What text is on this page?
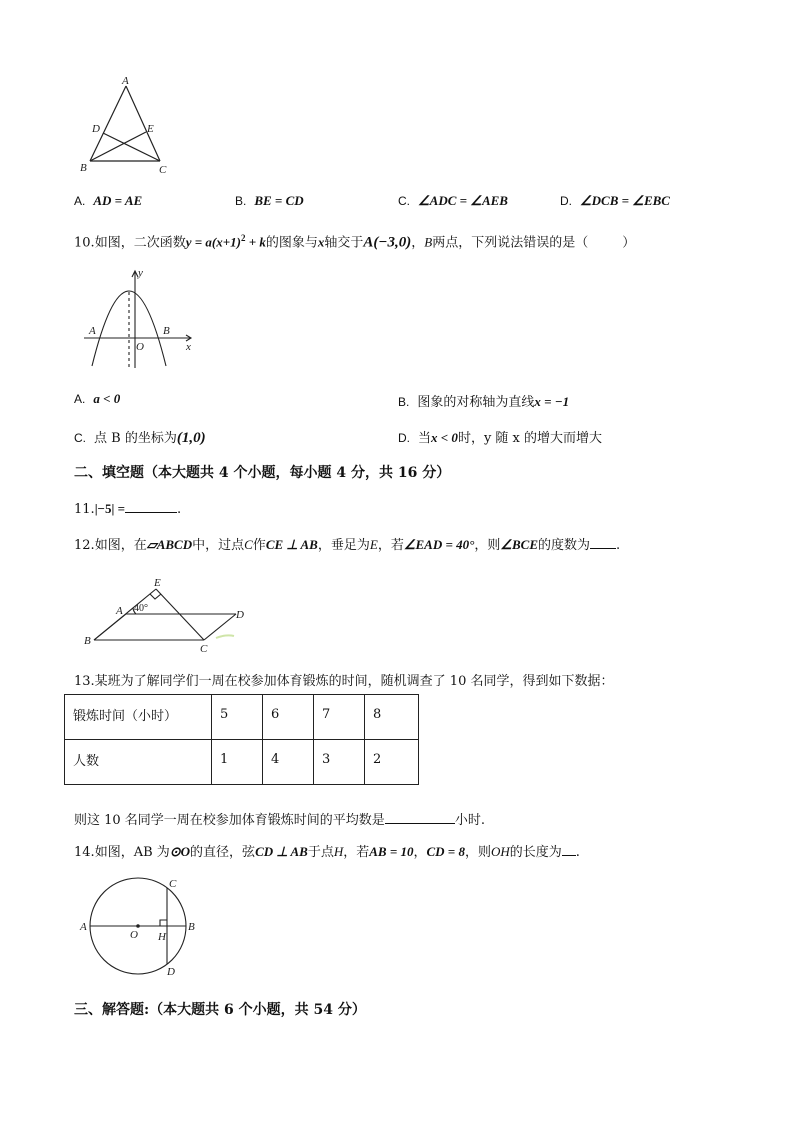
A
D	E
B	C
A. AD = AE	B. BE = CD	C. ∠ADC = ∠AEB	D. ∠DCB = ∠EBC
10.如图，二次函数$y = a(x+1)^2 + k$的图象与x轴交于A(−3,0)，B两点，下列说法错误的是（	）
y
A
O
B
x
A. a < 0	B. 图象的对称轴为直线x = −1
C. 点 B 的坐标为(1,0)	D. 当x < 0时，y 随 x 的增大而增大
二、填空题（本大题共 4 个小题，每小题 4 分，共 16 分）
11.|−5| =	.
12.如图，在▱ABCD中，过点C作CE ⊥ AB，垂足为E，若∠EAD = 40°，则∠BCE的度数为 .
E
A 40°
D
B
C
13.某班为了解同学们一周在校参加体育锻炼的时间，随机调查了 10 名同学，得到如下数据：
锻炼时间（小时）	5	6	7	8
人数	1	4	3	2
则这 10 名同学一周在校参加体育锻炼时间的平均数是	小时.
14.如图，AB 为⊙O的直径，弦CD ⊥ AB于点H，若AB = 10，CD = 8，则OH的长度为 .
A
O H
B
C
D
三、解答题:（本大题共 6 个小题，共 54 分）
